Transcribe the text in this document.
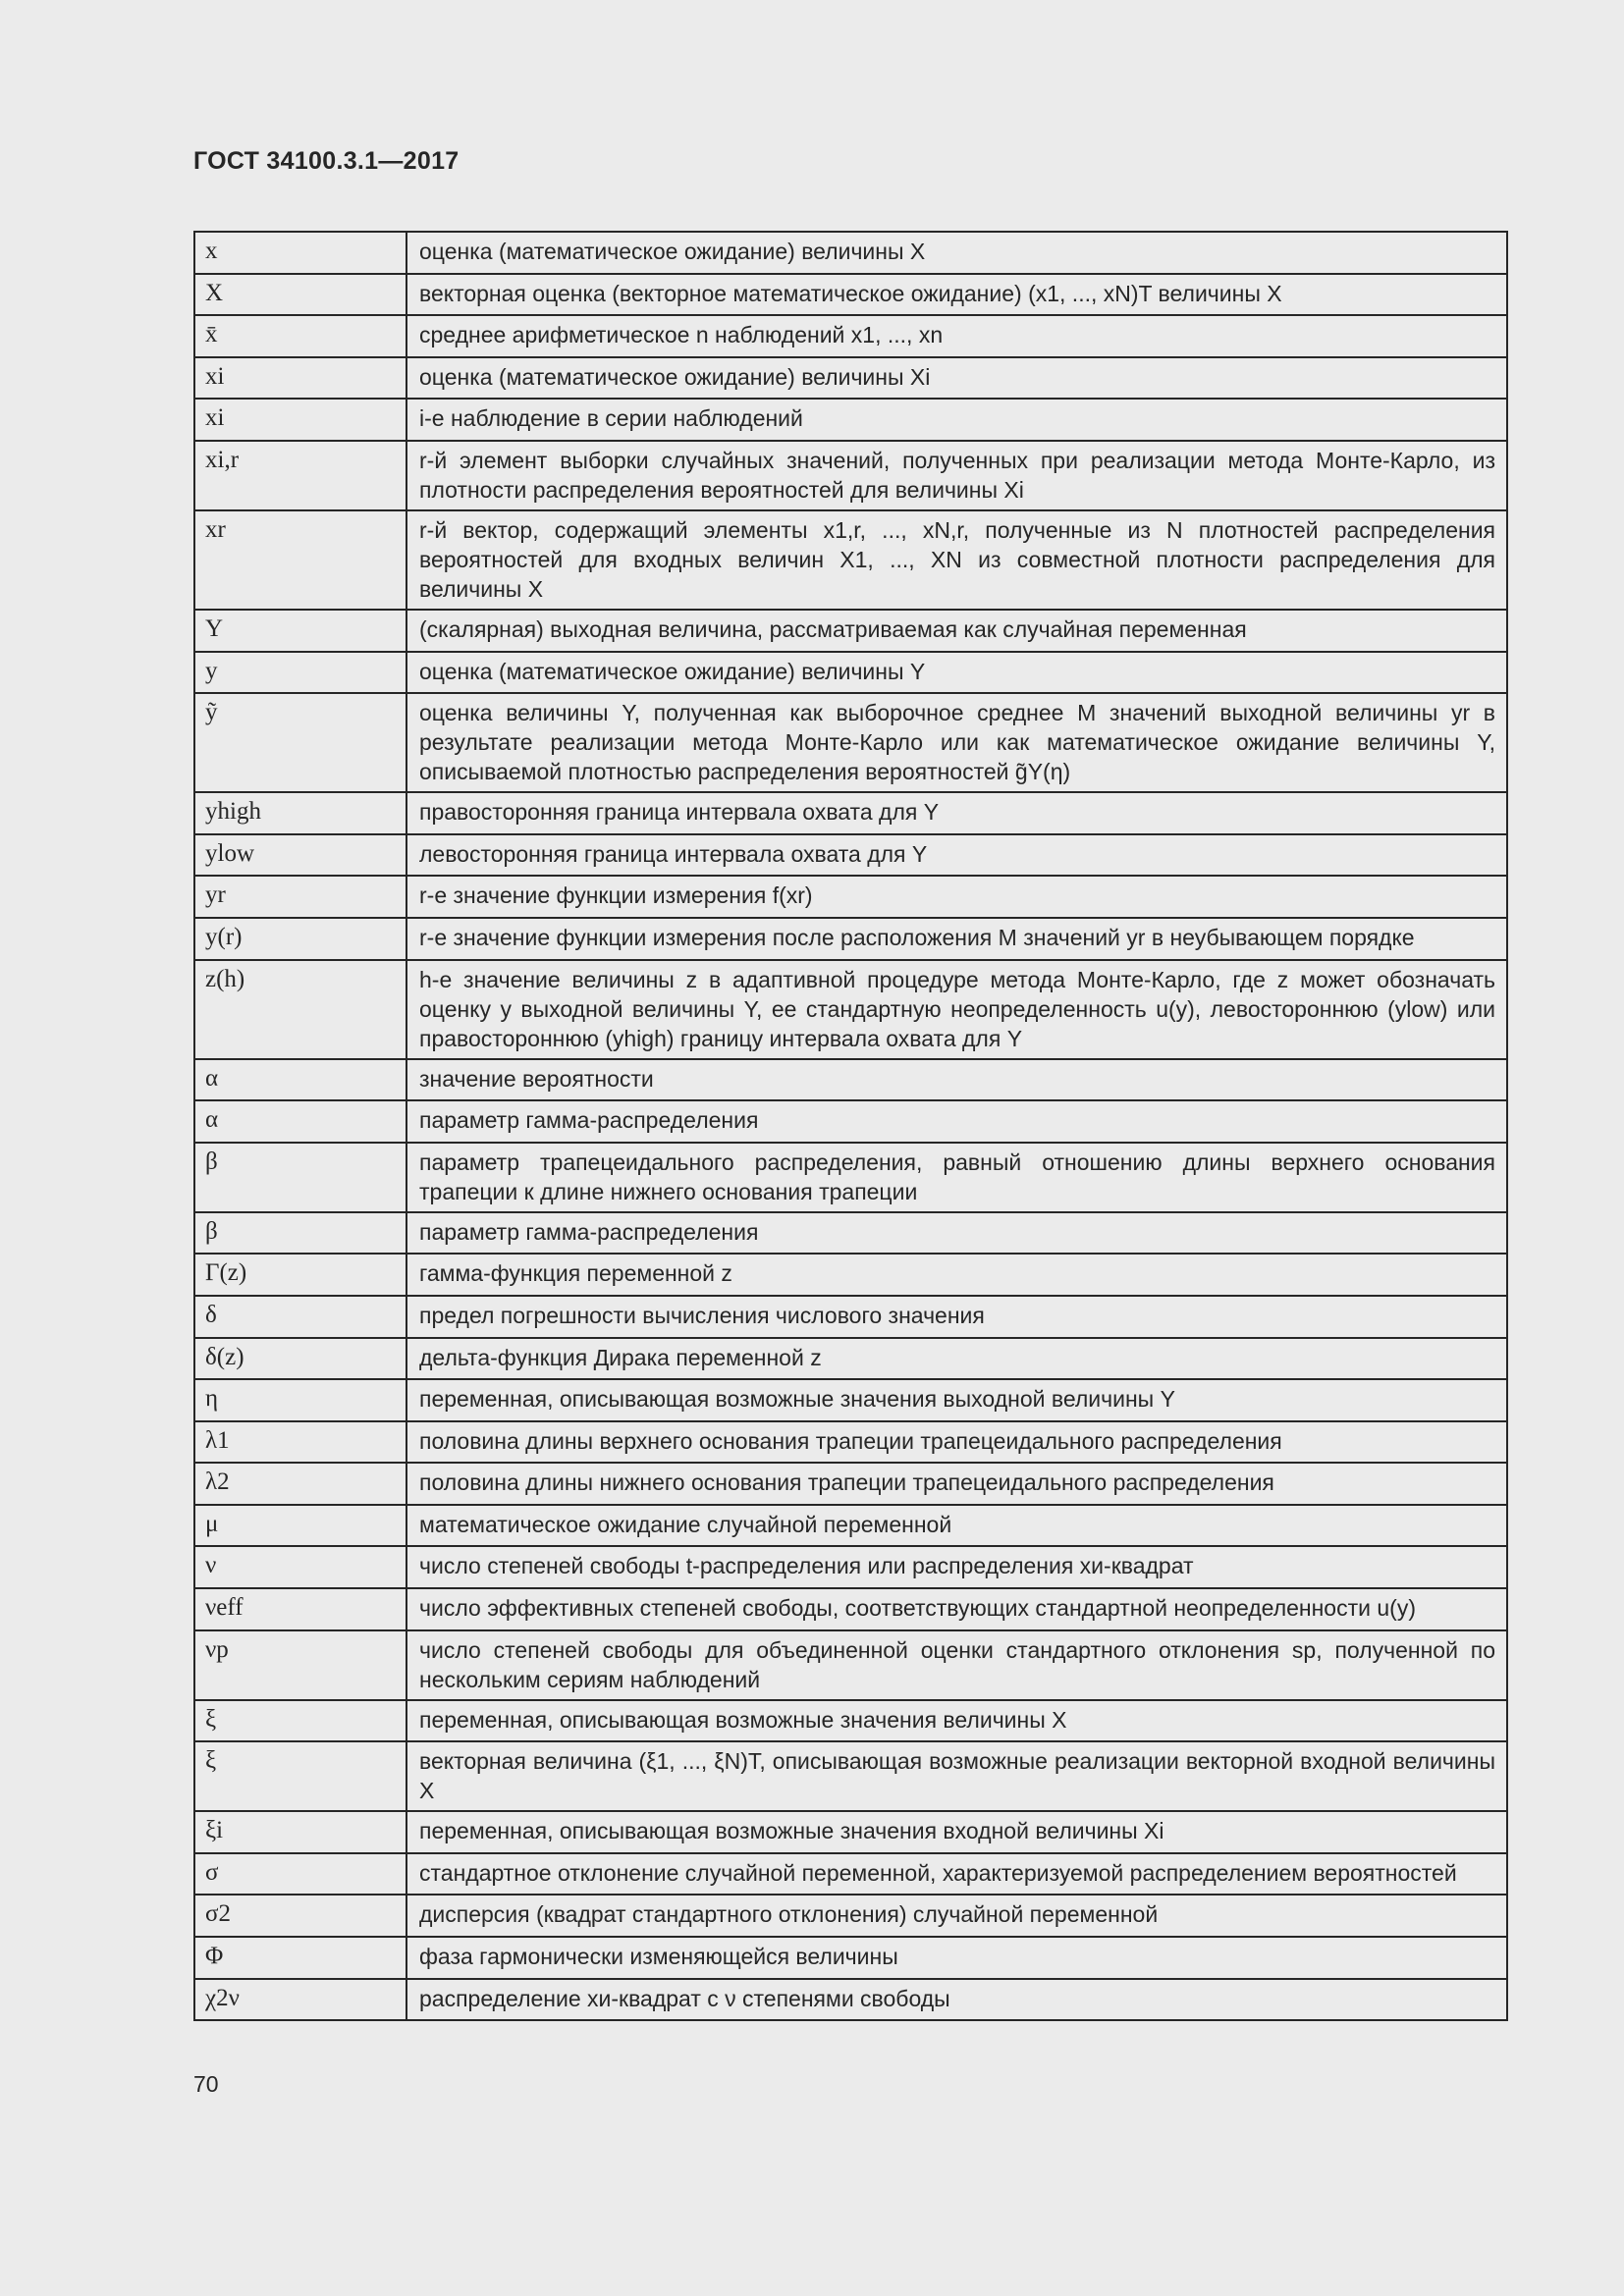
ГОСТ 34100.3.1—2017
x	оценка (математическое ожидание) величины X
X	векторная оценка (векторное математическое ожидание) (x1, ..., xN)T величины X
x̄	среднее арифметическое n наблюдений x1, ..., xn
xi	оценка (математическое ожидание) величины Xi
xi	i-е наблюдение в серии наблюдений
xi,r	r-й элемент выборки случайных значений, полученных при реализации метода Монте-Карло, из плотности распределения вероятностей для величины Xi
xr	r-й вектор, содержащий элементы x1,r, ..., xN,r, полученные из N плотностей распределения вероятностей для входных величин X1, ..., XN из совместной плотности распределения для величины X
Y	(скалярная) выходная величина, рассматриваемая как случайная переменная
y	оценка (математическое ожидание) величины Y
ỹ	оценка величины Y, полученная как выборочное среднее M значений выходной величины yr в результате реализации метода Монте-Карло или как математическое ожидание величины Y, описываемой плотностью распределения вероятностей g̃Y(η)
yhigh	правосторонняя граница интервала охвата для Y
ylow	левосторонняя граница интервала охвата для Y
yr	r-е значение функции измерения f(xr)
y(r)	r-е значение функции измерения после расположения M значений yr в неубывающем порядке
z(h)	h-е значение величины z в адаптивной процедуре метода Монте-Карло, где z может обозначать оценку y выходной величины Y, ее стандартную неопределенность u(y), левостороннюю (ylow) или правостороннюю (yhigh) границу интервала охвата для Y
α	значение вероятности
α	параметр гамма-распределения
β	параметр трапецеидального распределения, равный отношению длины верхнего основания трапеции к длине нижнего основания трапеции
β	параметр гамма-распределения
Γ(z)	гамма-функция переменной z
δ	предел погрешности вычисления числового значения
δ(z)	дельта-функция Дирака переменной z
η	переменная, описывающая возможные значения выходной величины Y
λ1	половина длины верхнего основания трапеции трапецеидального распределения
λ2	половина длины нижнего основания трапеции трапецеидального распределения
μ	математическое ожидание случайной переменной
ν	число степеней свободы t-распределения или распределения хи-квадрат
νeff	число эффективных степеней свободы, соответствующих стандартной неопределенности u(y)
νp	число степеней свободы для объединенной оценки стандартного отклонения sp, полученной по нескольким сериям наблюдений
ξ	переменная, описывающая возможные значения величины X
ξ	векторная величина (ξ1, ..., ξN)T, описывающая возможные реализации векторной входной величины X
ξi	переменная, описывающая возможные значения входной величины Xi
σ	стандартное отклонение случайной переменной, характеризуемой распределением вероятностей
σ2	дисперсия (квадрат стандартного отклонения) случайной переменной
Φ	фаза гармонически изменяющейся величины
χ2ν	распределение хи-квадрат с ν степенями свободы
70
